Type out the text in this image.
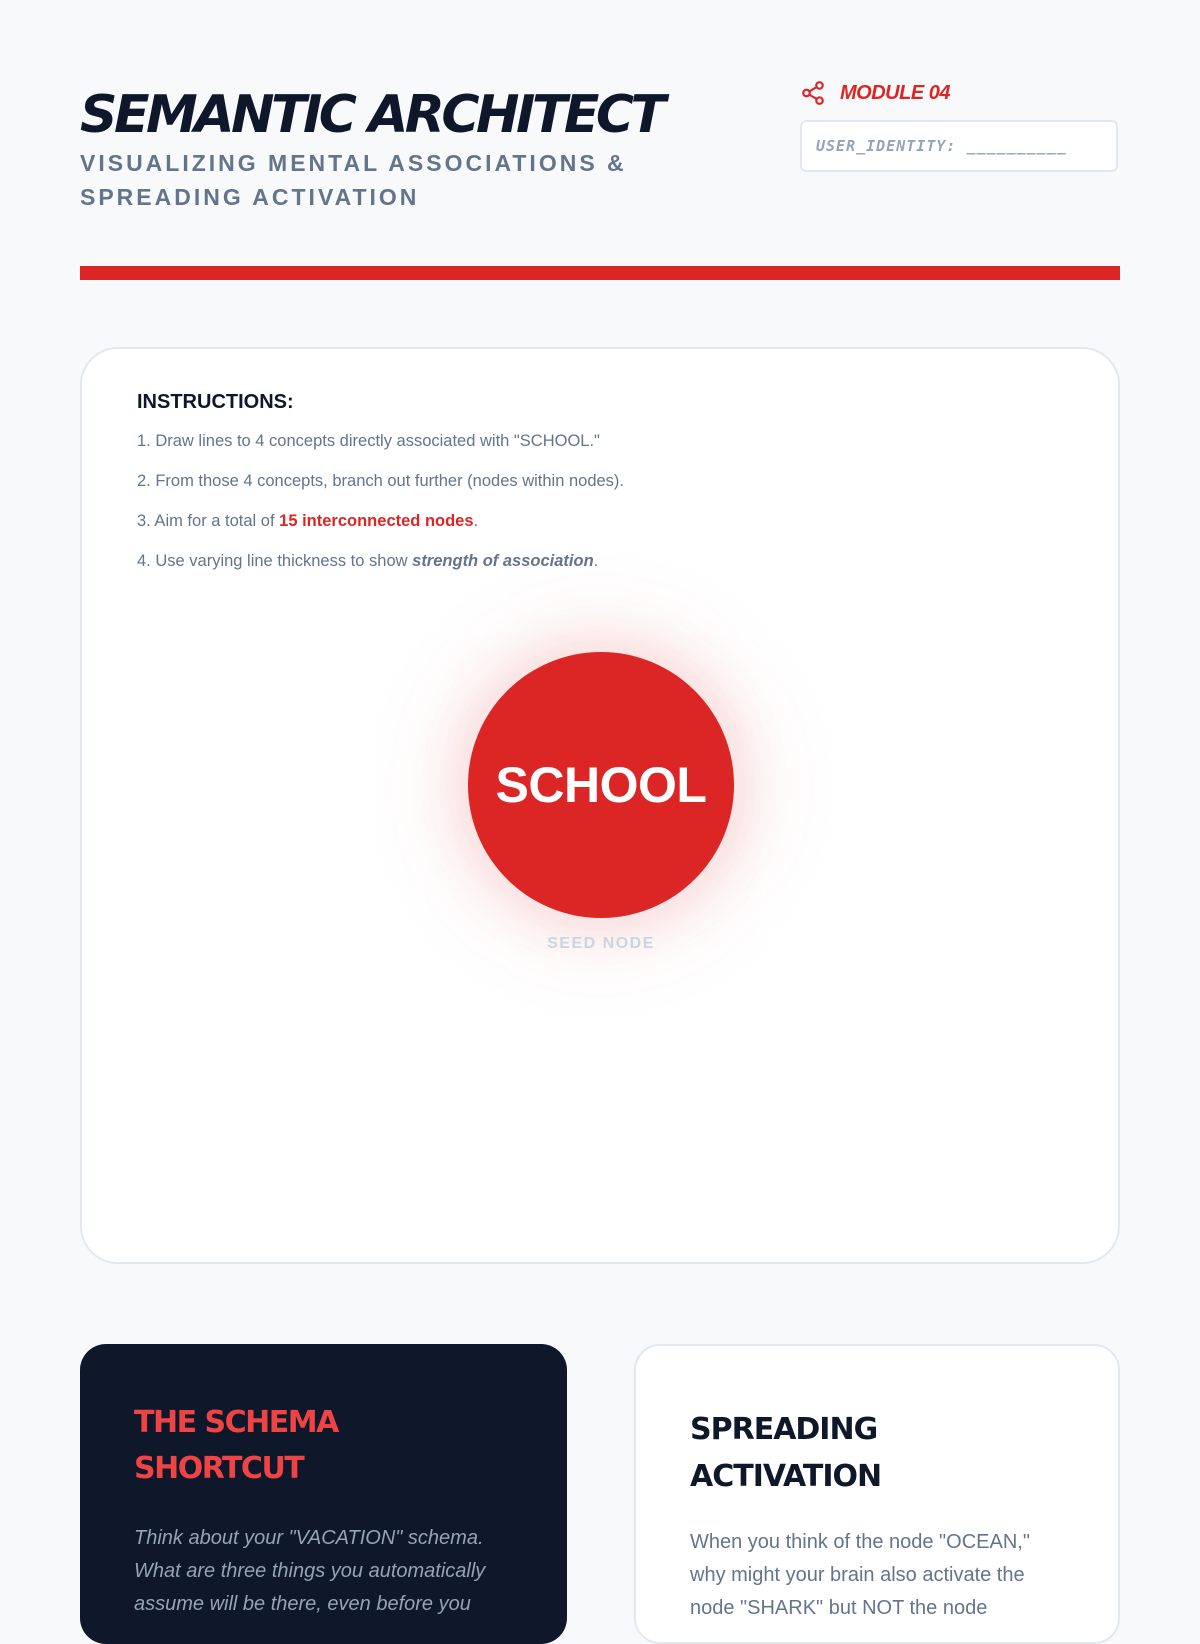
SEMANTIC ARCHITECT
VISUALIZING MENTAL ASSOCIATIONS & SPREADING ACTIVATION
MODULE 04
USER_IDENTITY: __________
INSTRUCTIONS:
1. Draw lines to 4 concepts directly associated with "SCHOOL."
2. From those 4 concepts, branch out further (nodes within nodes).
3. Aim for a total of 15 interconnected nodes.
4. Use varying line thickness to show strength of association.
SCHOOL
SEED NODE
THE SCHEMA SHORTCUT

Think about your "VACATION" schema. What are three things you automatically assume will be there, even before you

SPREADING ACTIVATION

When you think of the node "OCEAN," why might your brain also activate the node "SHARK" but NOT the node
